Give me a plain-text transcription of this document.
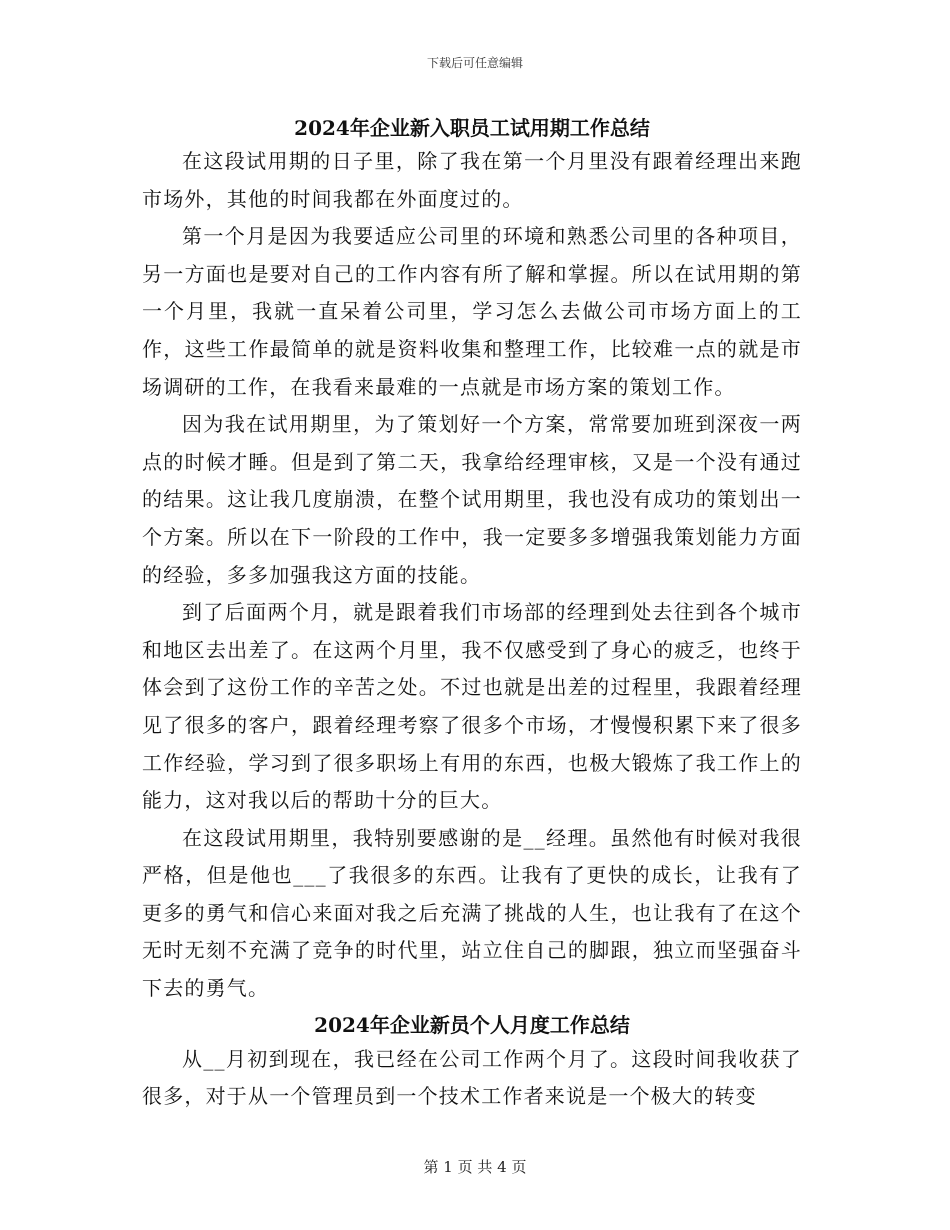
下载后可任意编辑
2024年企业新入职员工试用期工作总结

在这段试用期的日子里，除了我在第一个月里没有跟着经理出来跑市场外，其他的时间我都在外面度过的。

第一个月是因为我要适应公司里的环境和熟悉公司里的各种项目，另一方面也是要对自己的工作内容有所了解和掌握。所以在试用期的第一个月里，我就一直呆着公司里，学习怎么去做公司市场方面上的工作，这些工作最简单的就是资料收集和整理工作，比较难一点的就是市场调研的工作，在我看来最难的一点就是市场方案的策划工作。

因为我在试用期里，为了策划好一个方案，常常要加班到深夜一两点的时候才睡。但是到了第二天，我拿给经理审核，又是一个没有通过的结果。这让我几度崩溃，在整个试用期里，我也没有成功的策划出一个方案。所以在下一阶段的工作中，我一定要多多增强我策划能力方面的经验，多多加强我这方面的技能。

到了后面两个月，就是跟着我们市场部的经理到处去往到各个城市和地区去出差了。在这两个月里，我不仅感受到了身心的疲乏，也终于体会到了这份工作的辛苦之处。不过也就是出差的过程里，我跟着经理见了很多的客户，跟着经理考察了很多个市场，才慢慢积累下来了很多工作经验，学习到了很多职场上有用的东西，也极大锻炼了我工作上的能力，这对我以后的帮助十分的巨大。

在这段试用期里，我特别要感谢的是__经理。虽然他有时候对我很严格，但是他也___了我很多的东西。让我有了更快的成长，让我有了更多的勇气和信心来面对我之后充满了挑战的人生，也让我有了在这个无时无刻不充满了竞争的时代里，站立住自己的脚跟，独立而坚强奋斗下去的勇气。

2024年企业新员个人月度工作总结

从__月初到现在，我已经在公司工作两个月了。这段时间我收获了很多，对于从一个管理员到一个技术工作者来说是一个极大的转变

第 1 页 共 4 页
